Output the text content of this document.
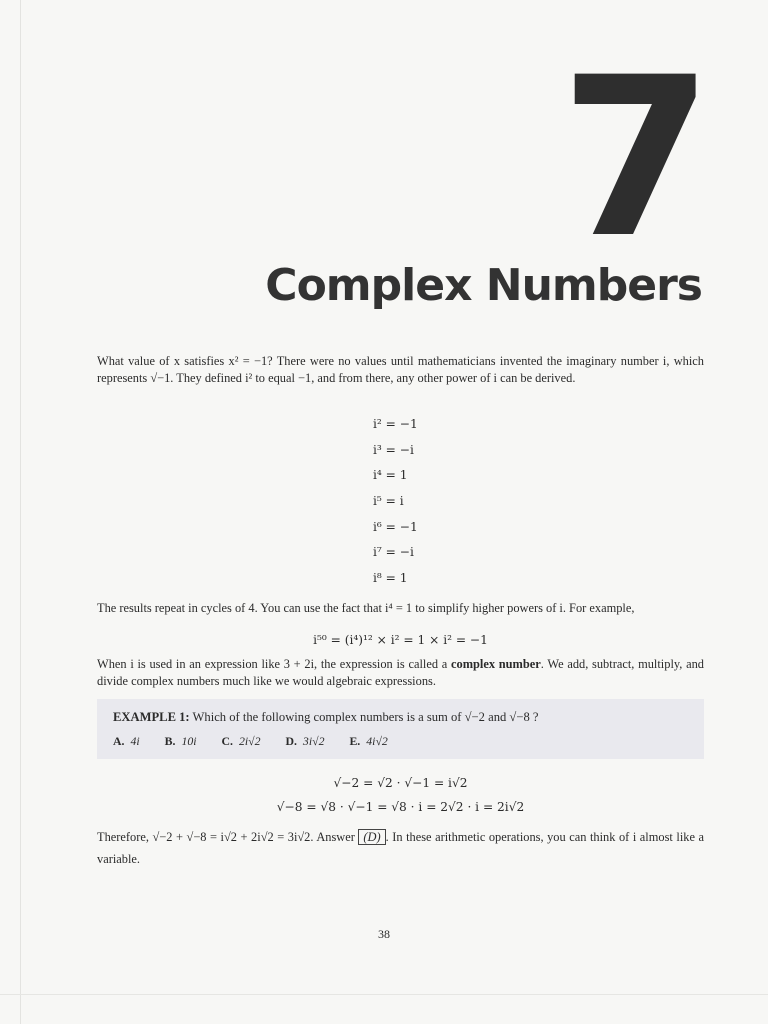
7
Complex Numbers

What value of x satisfies x² = −1? There were no values until mathematicians invented the imaginary number i, which represents √−1. They defined i² to equal −1, and from there, any other power of i can be derived.

i² = −1
i³ = −i
i⁴ = 1
i⁵ = i
i⁶ = −1
i⁷ = −i
i⁸ = 1

The results repeat in cycles of 4. You can use the fact that i⁴ = 1 to simplify higher powers of i. For example,

i⁵⁰ = (i⁴)¹² × i² = 1 × i² = −1

When i is used in an expression like 3 + 2i, the expression is called a complex number. We add, subtract, multiply, and divide complex numbers much like we would algebraic expressions.

EXAMPLE 1: Which of the following complex numbers is a sum of √−2 and √−8 ?
A. 4i B. 10i C. 2i√2 D. 3i√2 E. 4i√2

√−2 = √2 · √−1 = i√2

√−8 = √8 · √−1 = √8 · i = 2√2 · i = 2i√2

Therefore, √−2 + √−8 = i√2 + 2i√2 = 3i√2. Answer (D) . In these arithmetic operations, you can think of i almost like a variable.

38
